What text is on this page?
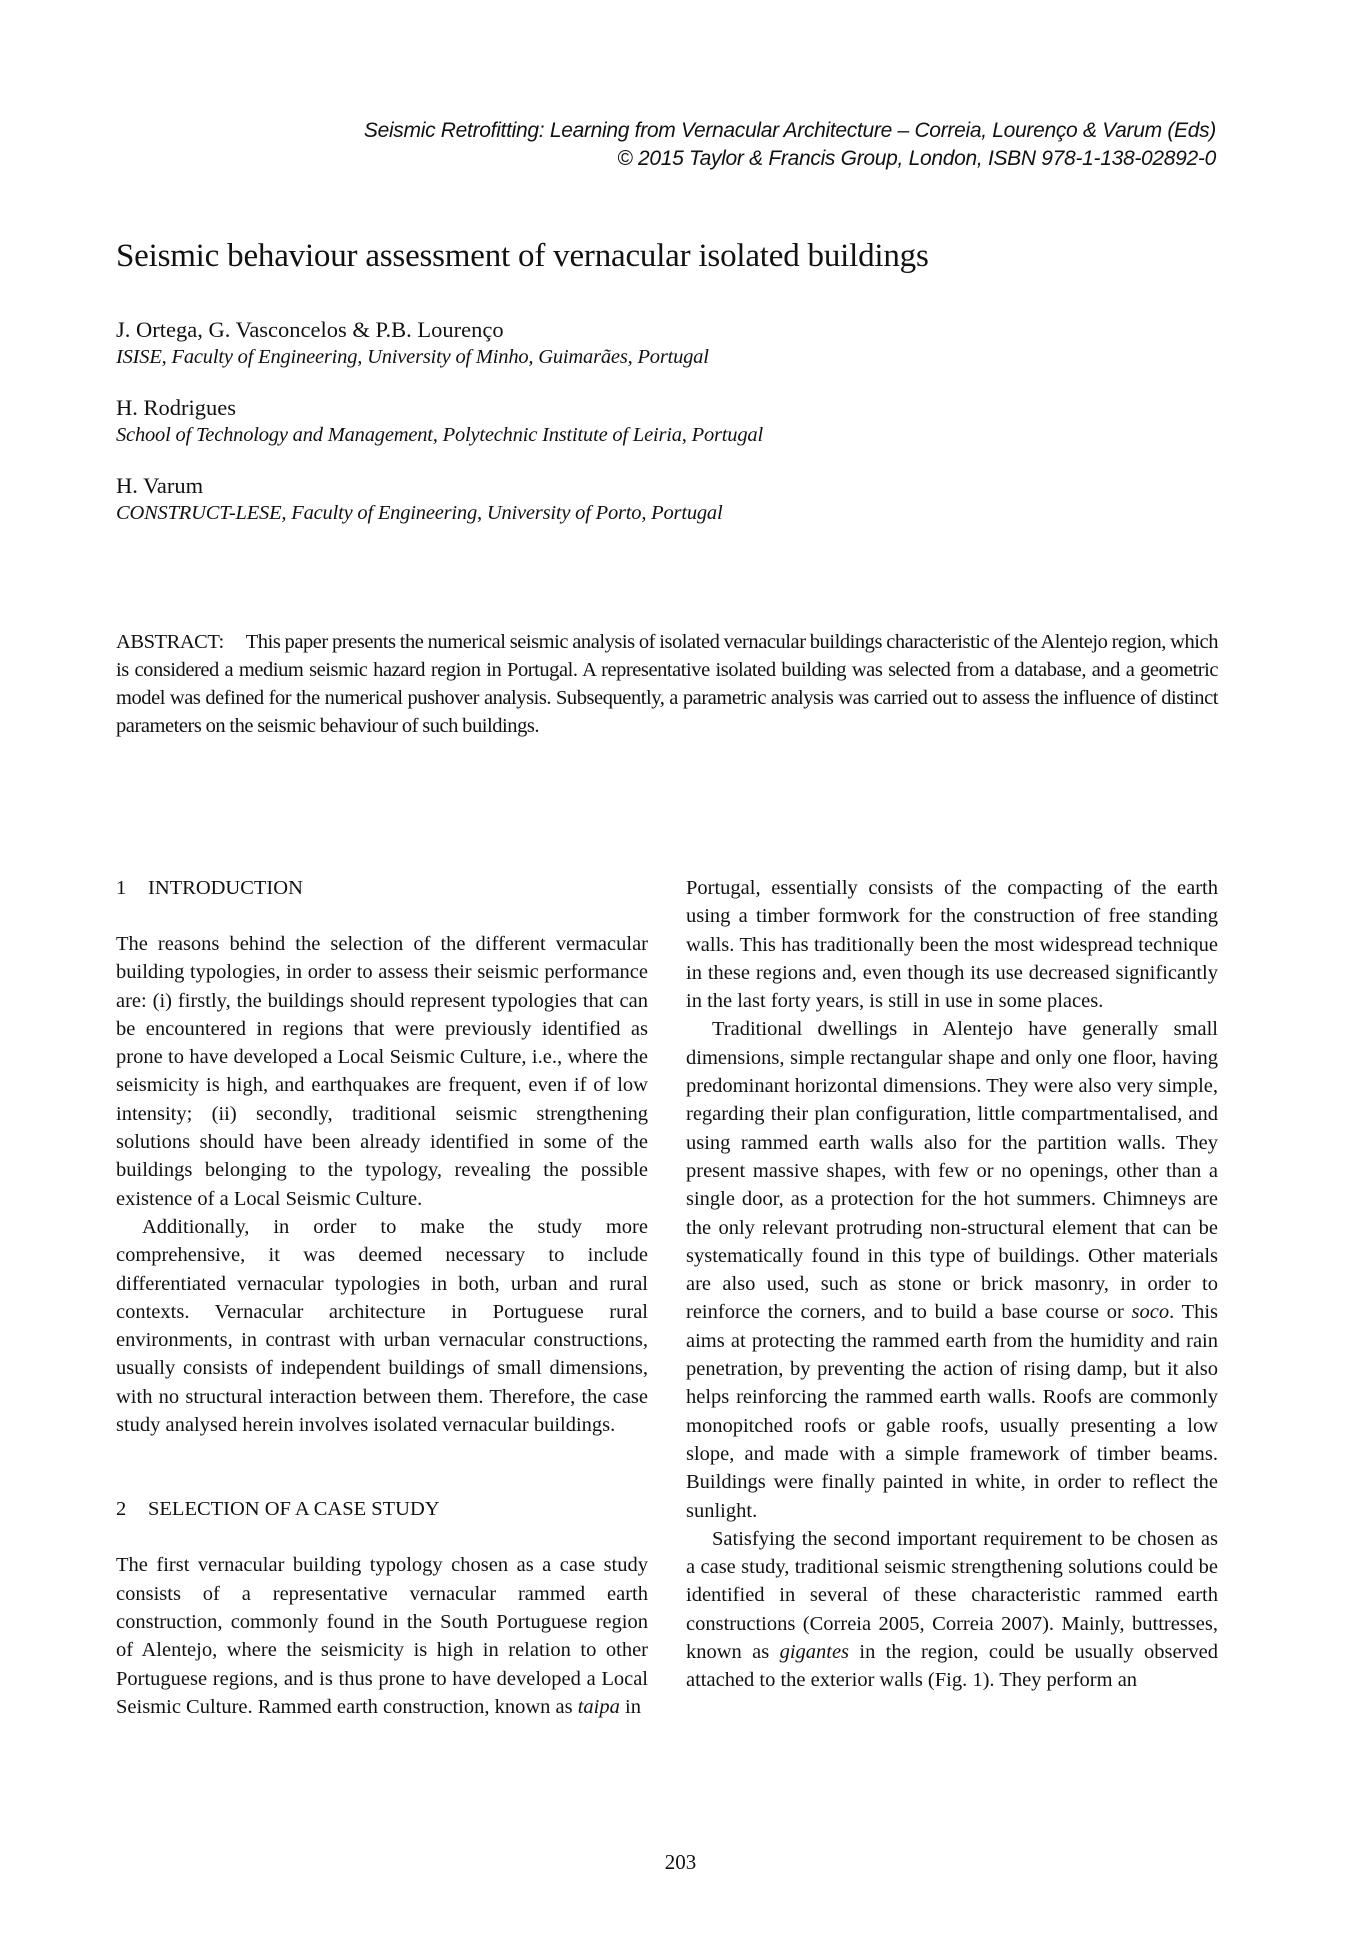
Seismic Retrofitting: Learning from Vernacular Architecture – Correia, Lourenço & Varum (Eds)
© 2015 Taylor & Francis Group, London, ISBN 978-1-138-02892-0
Seismic behaviour assessment of vernacular isolated buildings
J. Ortega, G. Vasconcelos & P.B. Lourenço
ISISE, Faculty of Engineering, University of Minho, Guimarães, Portugal
H. Rodrigues
School of Technology and Management, Polytechnic Institute of Leiria, Portugal
H. Varum
CONSTRUCT-LESE, Faculty of Engineering, University of Porto, Portugal
ABSTRACT: This paper presents the numerical seismic analysis of isolated vernacular buildings characteristic of the Alentejo region, which is considered a medium seismic hazard region in Portugal. A representative isolated building was selected from a database, and a geometric model was defined for the numerical pushover analysis. Subsequently, a parametric analysis was carried out to assess the influence of distinct parameters on the seismic behaviour of such buildings.
1 INTRODUCTION

The reasons behind the selection of the different vermacular building typologies, in order to assess their seismic performance are: (i) firstly, the buildings should represent typologies that can be encountered in regions that were previously identified as prone to have developed a Local Seismic Culture, i.e., where the seismicity is high, and earthquakes are frequent, even if of low intensity; (ii) secondly, traditional seismic strengthening solutions should have been already identified in some of the buildings belonging to the typology, revealing the possible existence of a Local Seismic Culture.

Additionally, in order to make the study more comprehensive, it was deemed necessary to include differentiated vernacular typologies in both, urban and rural contexts. Vernacular architecture in Portuguese rural environments, in contrast with urban vernacular constructions, usually consists of independent buildings of small dimensions, with no structural interaction between them. Therefore, the case study analysed herein involves isolated vernacular buildings.

2 SELECTION OF A CASE STUDY

The first vernacular building typology chosen as a case study consists of a representative vernacular rammed earth construction, commonly found in the South Portuguese region of Alentejo, where the seismicity is high in relation to other Portuguese regions, and is thus prone to have developed a Local Seismic Culture. Rammed earth construction, known as taipa in

Portugal, essentially consists of the compacting of the earth using a timber formwork for the construction of free standing walls. This has traditionally been the most widespread technique in these regions and, even though its use decreased significantly in the last forty years, is still in use in some places.

Traditional dwellings in Alentejo have generally small dimensions, simple rectangular shape and only one floor, having predominant horizontal dimensions. They were also very simple, regarding their plan configuration, little compartmentalised, and using rammed earth walls also for the partition walls. They present massive shapes, with few or no openings, other than a single door, as a protection for the hot summers. Chimneys are the only relevant protruding non-structural element that can be systematically found in this type of buildings. Other materials are also used, such as stone or brick masonry, in order to reinforce the corners, and to build a base course or soco. This aims at protecting the rammed earth from the humidity and rain penetration, by preventing the action of rising damp, but it also helps reinforcing the rammed earth walls. Roofs are commonly monopitched roofs or gable roofs, usually presenting a low slope, and made with a simple framework of timber beams. Buildings were finally painted in white, in order to reflect the sunlight.

Satisfying the second important requirement to be chosen as a case study, traditional seismic strengthening solutions could be identified in several of these characteristic rammed earth constructions (Correia 2005, Correia 2007). Mainly, buttresses, known as gigantes in the region, could be usually observed attached to the exterior walls (Fig. 1). They perform an

203
